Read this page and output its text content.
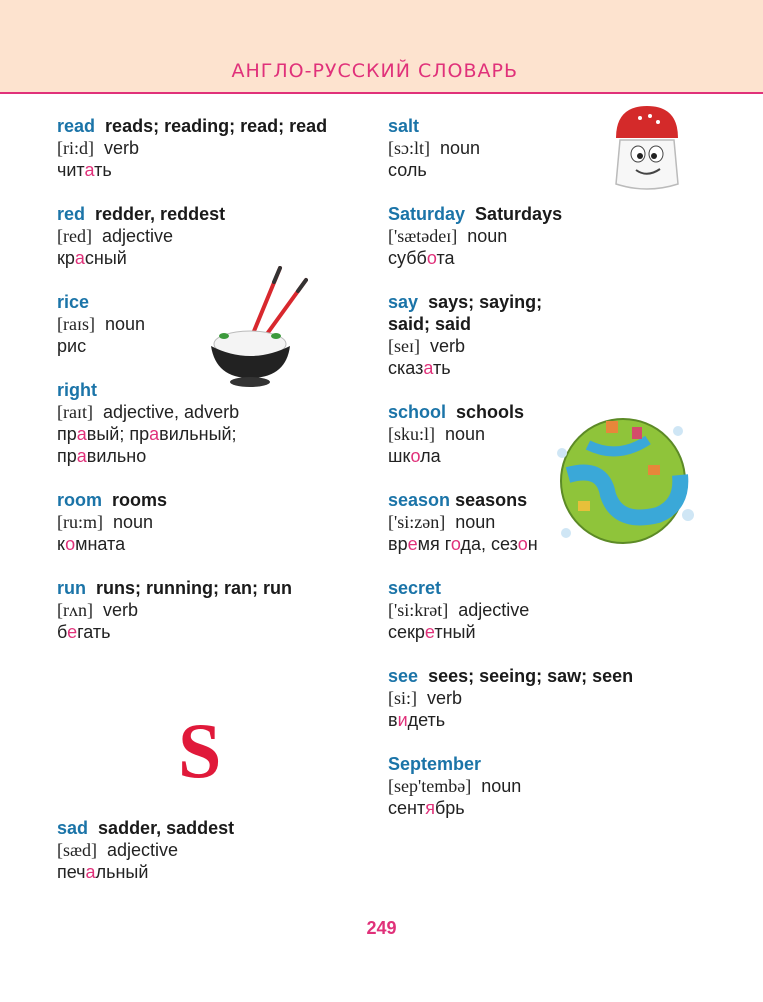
АНГЛО-РУССКИЙ СЛОВАРЬ
read reads; reading; read; read
[ri:d] verb
читать
red redder, reddest
[red] adjective
красный
rice
[raɪs] noun
рис
right
[raɪt] adjective, adverb
правый; правильный;
правильно
room rooms
[ru:m] noun
комната
run runs; running; ran; run
[rʌn] verb
бегать
S
sad sadder, saddest
[sæd] adjective
печальный
salt
[sɔ:lt] noun
соль
Saturday Saturdays
['sætədeɪ] noun
суббота
say says; saying; said; said
[seɪ] verb
сказать
school schools
[sku:l] noun
школа
season seasons
['si:zən] noun
время года, сезон
secret
['si:krət] adjective
секретный
see sees; seeing; saw; seen
[si:] verb
видеть
September
[sep'tembə] noun
сентябрь
249
